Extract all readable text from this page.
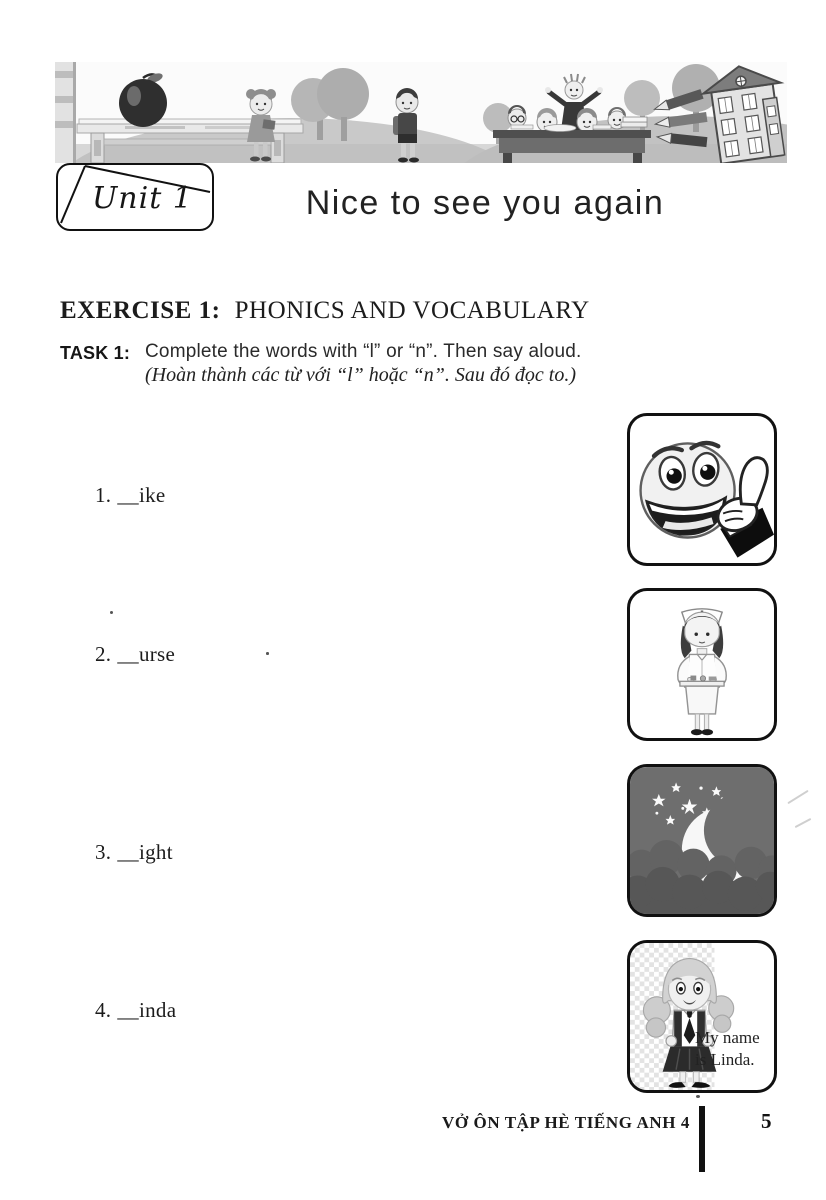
Unit 1	Nice to see you again
EXERCISE 1: PHONICS AND VOCABULARY
TASK 1: Complete the words with “l” or “n”. Then say aloud.
(Hoàn thành các từ với “l” hoặc “n”. Sau đó đọc to.)
1. __ike
2. __urse
3. __ight
4. __inda
My name is Linda.
VỞ ÔN TẬP HÈ TIẾNG ANH 4	5
